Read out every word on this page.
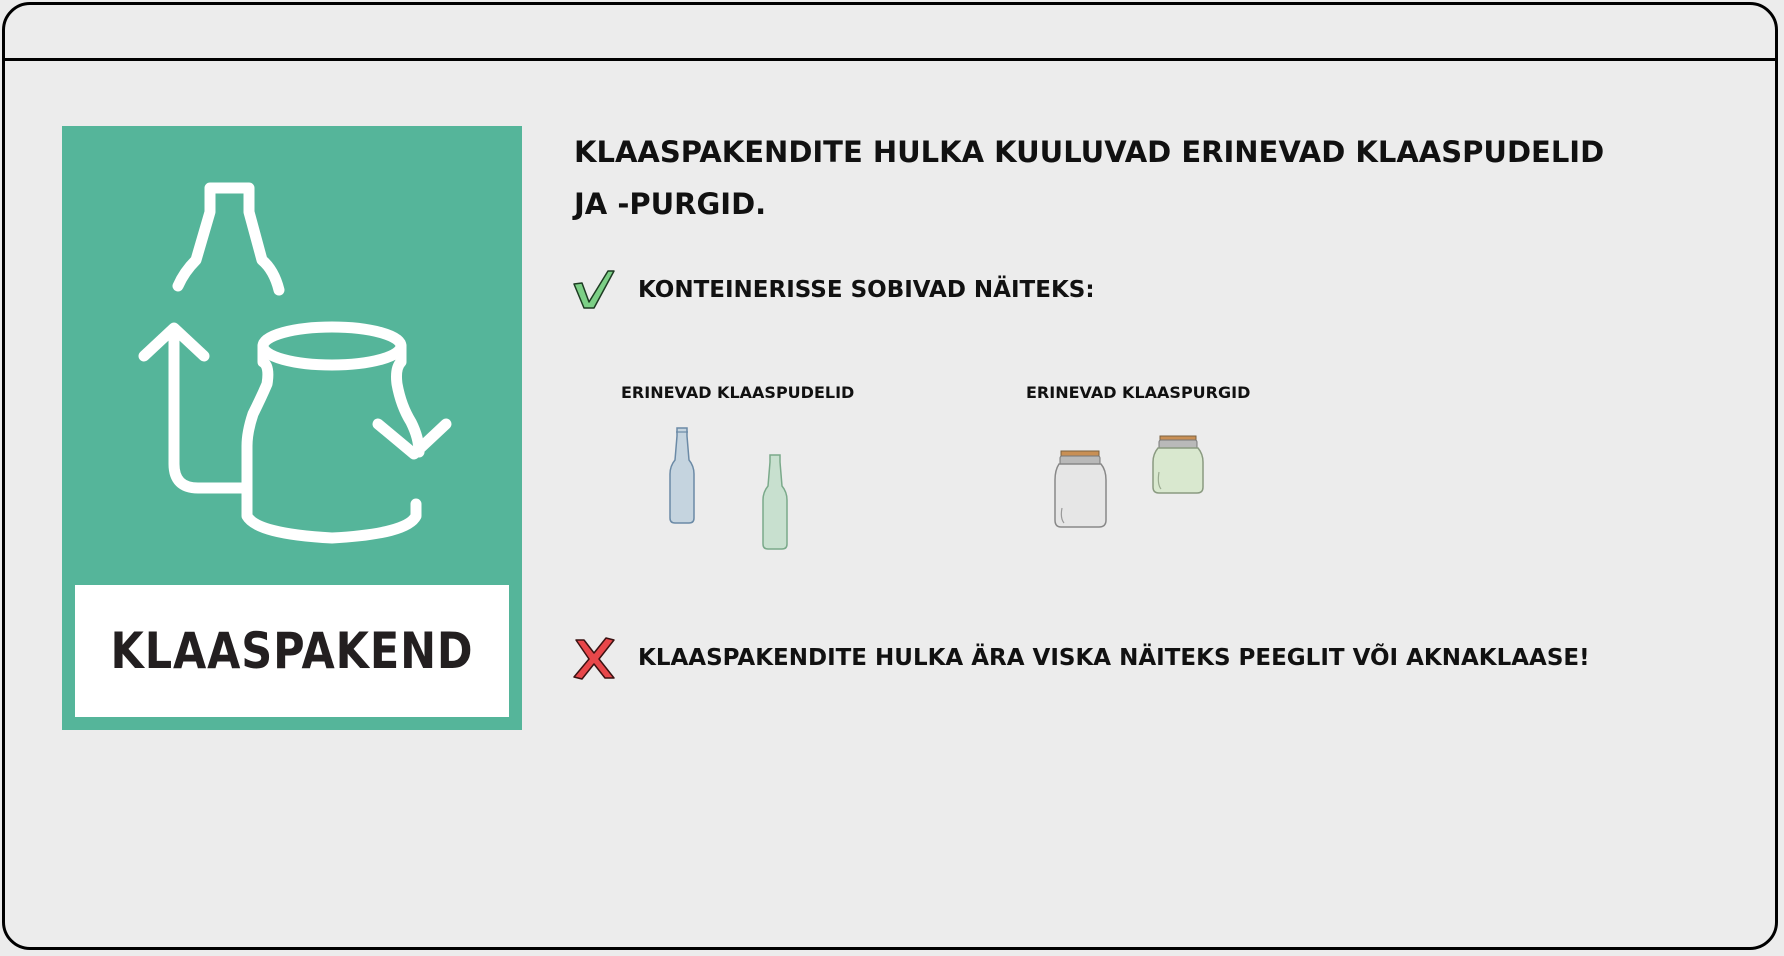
KLAASPAKEND
KLAASPAKENDITE HULKA KUULUVAD ERINEVAD KLAASPUDELID
JA -PURGID.
KONTEINERISSE SOBIVAD NÄITEKS:
ERINEVAD KLAASPUDELID	ERINEVAD KLAASPURGID
KLAASPAKENDITE HULKA ÄRA VISKA NÄITEKS PEEGLIT VÕI AKNAKLAASE!
